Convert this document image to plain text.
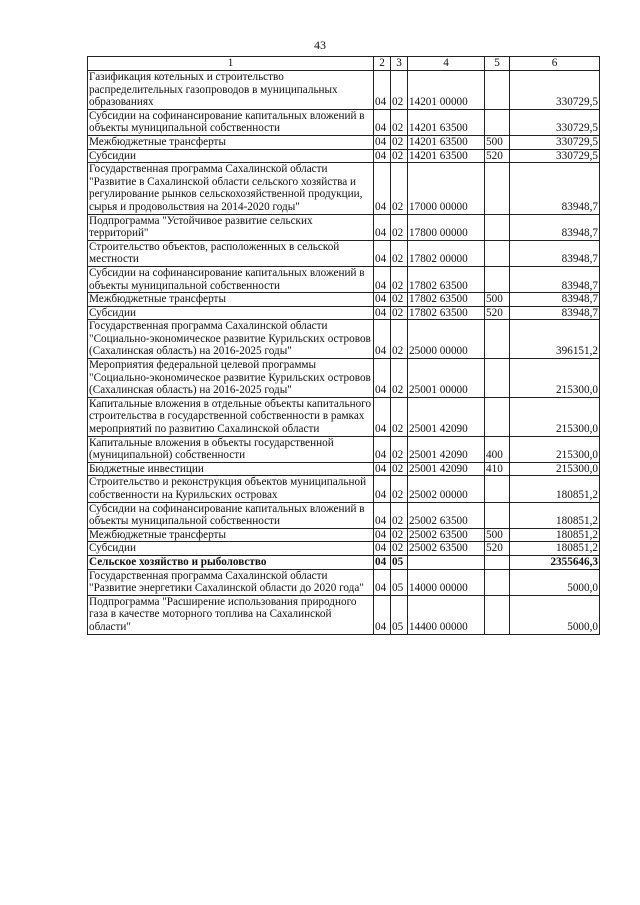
43
1	2	3	4	5	6
Газификация котельных и строительство распределительных газопроводов в муниципальных образованиях	04	02	14201 00000		330729,5
Субсидии на софинансирование капитальных вложений в объекты муниципальной собственности	04	02	14201 63500		330729,5
Межбюджетные трансферты	04	02	14201 63500	500	330729,5
Субсидии	04	02	14201 63500	520	330729,5
Государственная программа Сахалинской области "Развитие в Сахалинской области сельского хозяйства и регулирование рынков сельскохозяйственной продукции, сырья и продовольствия на 2014-2020 годы"	04	02	17000 00000		83948,7
Подпрограмма "Устойчивое развитие сельских территорий"	04	02	17800 00000		83948,7
Строительство объектов, расположенных в сельской местности	04	02	17802 00000		83948,7
Субсидии на софинансирование капитальных вложений в объекты муниципальной собственности	04	02	17802 63500		83948,7
Межбюджетные трансферты	04	02	17802 63500	500	83948,7
Субсидии	04	02	17802 63500	520	83948,7
Государственная программа Сахалинской области "Социально-экономическое развитие Курильских островов (Сахалинская область) на 2016-2025 годы"	04	02	25000 00000		396151,2
Мероприятия федеральной целевой программы "Социально-экономическое развитие Курильских островов (Сахалинская область) на 2016-2025 годы"	04	02	25001 00000		215300,0
Капитальные вложения в отдельные объекты капитального строительства в государственной собственности в рамках мероприятий по развитию Сахалинской области	04	02	25001 42090		215300,0
Капитальные вложения в объекты государственной (муниципальной) собственности	04	02	25001 42090	400	215300,0
Бюджетные инвестиции	04	02	25001 42090	410	215300,0
Строительство и реконструкция объектов муниципальной собственности на Курильских островах	04	02	25002 00000		180851,2
Субсидии на софинансирование капитальных вложений в объекты муниципальной собственности	04	02	25002 63500		180851,2
Межбюджетные трансферты	04	02	25002 63500	500	180851,2
Субсидии	04	02	25002 63500	520	180851,2
Сельское хозяйство и рыболовство	04	05			2355646,3
Государственная программа Сахалинской области "Развитие энергетики Сахалинской области до 2020 года"	04	05	14000 00000		5000,0
Подпрограмма "Расширение использования природного газа в качестве моторного топлива на Сахалинской области"	04	05	14400 00000		5000,0
